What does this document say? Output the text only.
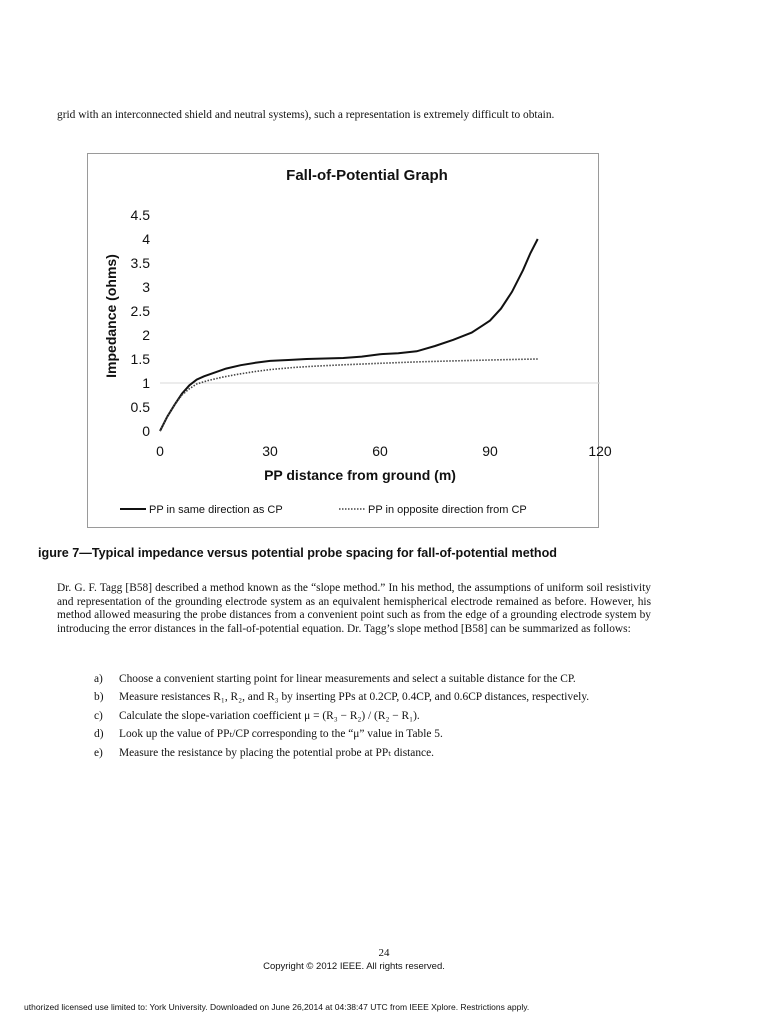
grid with an interconnected shield and neutral systems), such a representation is extremely difficult to obtain.

Fall-of-Potential Graph
PP distance from ground (m)
Impedance (ohms)
0
0.5
1
1.5
2
2.5
3
3.5
4
4.5
0	30	60	90	120
PP in same direction as CP	PP in opposite direction from CP

igure 7—Typical impedance versus potential probe spacing for fall-of-potential method

Dr. G. F. Tagg [B58] described a method known as the “slope method.” In his method, the assumptions of uniform soil resistivity and representation of the grounding electrode system as an equivalent hemispherical electrode remained as before. However, his method allowed measuring the probe distances from a convenient point such as from the edge of a grounding electrode system by introducing the error distances in the fall-of-potential equation. Dr. Tagg’s slope method [B58] can be summarized as follows:

a)	Choose a convenient starting point for linear measurements and select a suitable distance for the CP.
b)	Measure resistances R₁, R₂, and R₃ by inserting PPs at 0.2CP, 0.4CP, and 0.6CP distances, respectively.
c)	Calculate the slope-variation coefficient μ = (R₃ − R₂) / (R₂ − R₁).
d)	Look up the value of PPₜ/CP corresponding to the “μ” value in Table 5.
e)	Measure the resistance by placing the potential probe at PPₜ distance.
24
Copyright © 2012 IEEE. All rights reserved.
uthorized licensed use limited to: York University. Downloaded on June 26,2014 at 04:38:47 UTC from IEEE Xplore. Restrictions apply.
